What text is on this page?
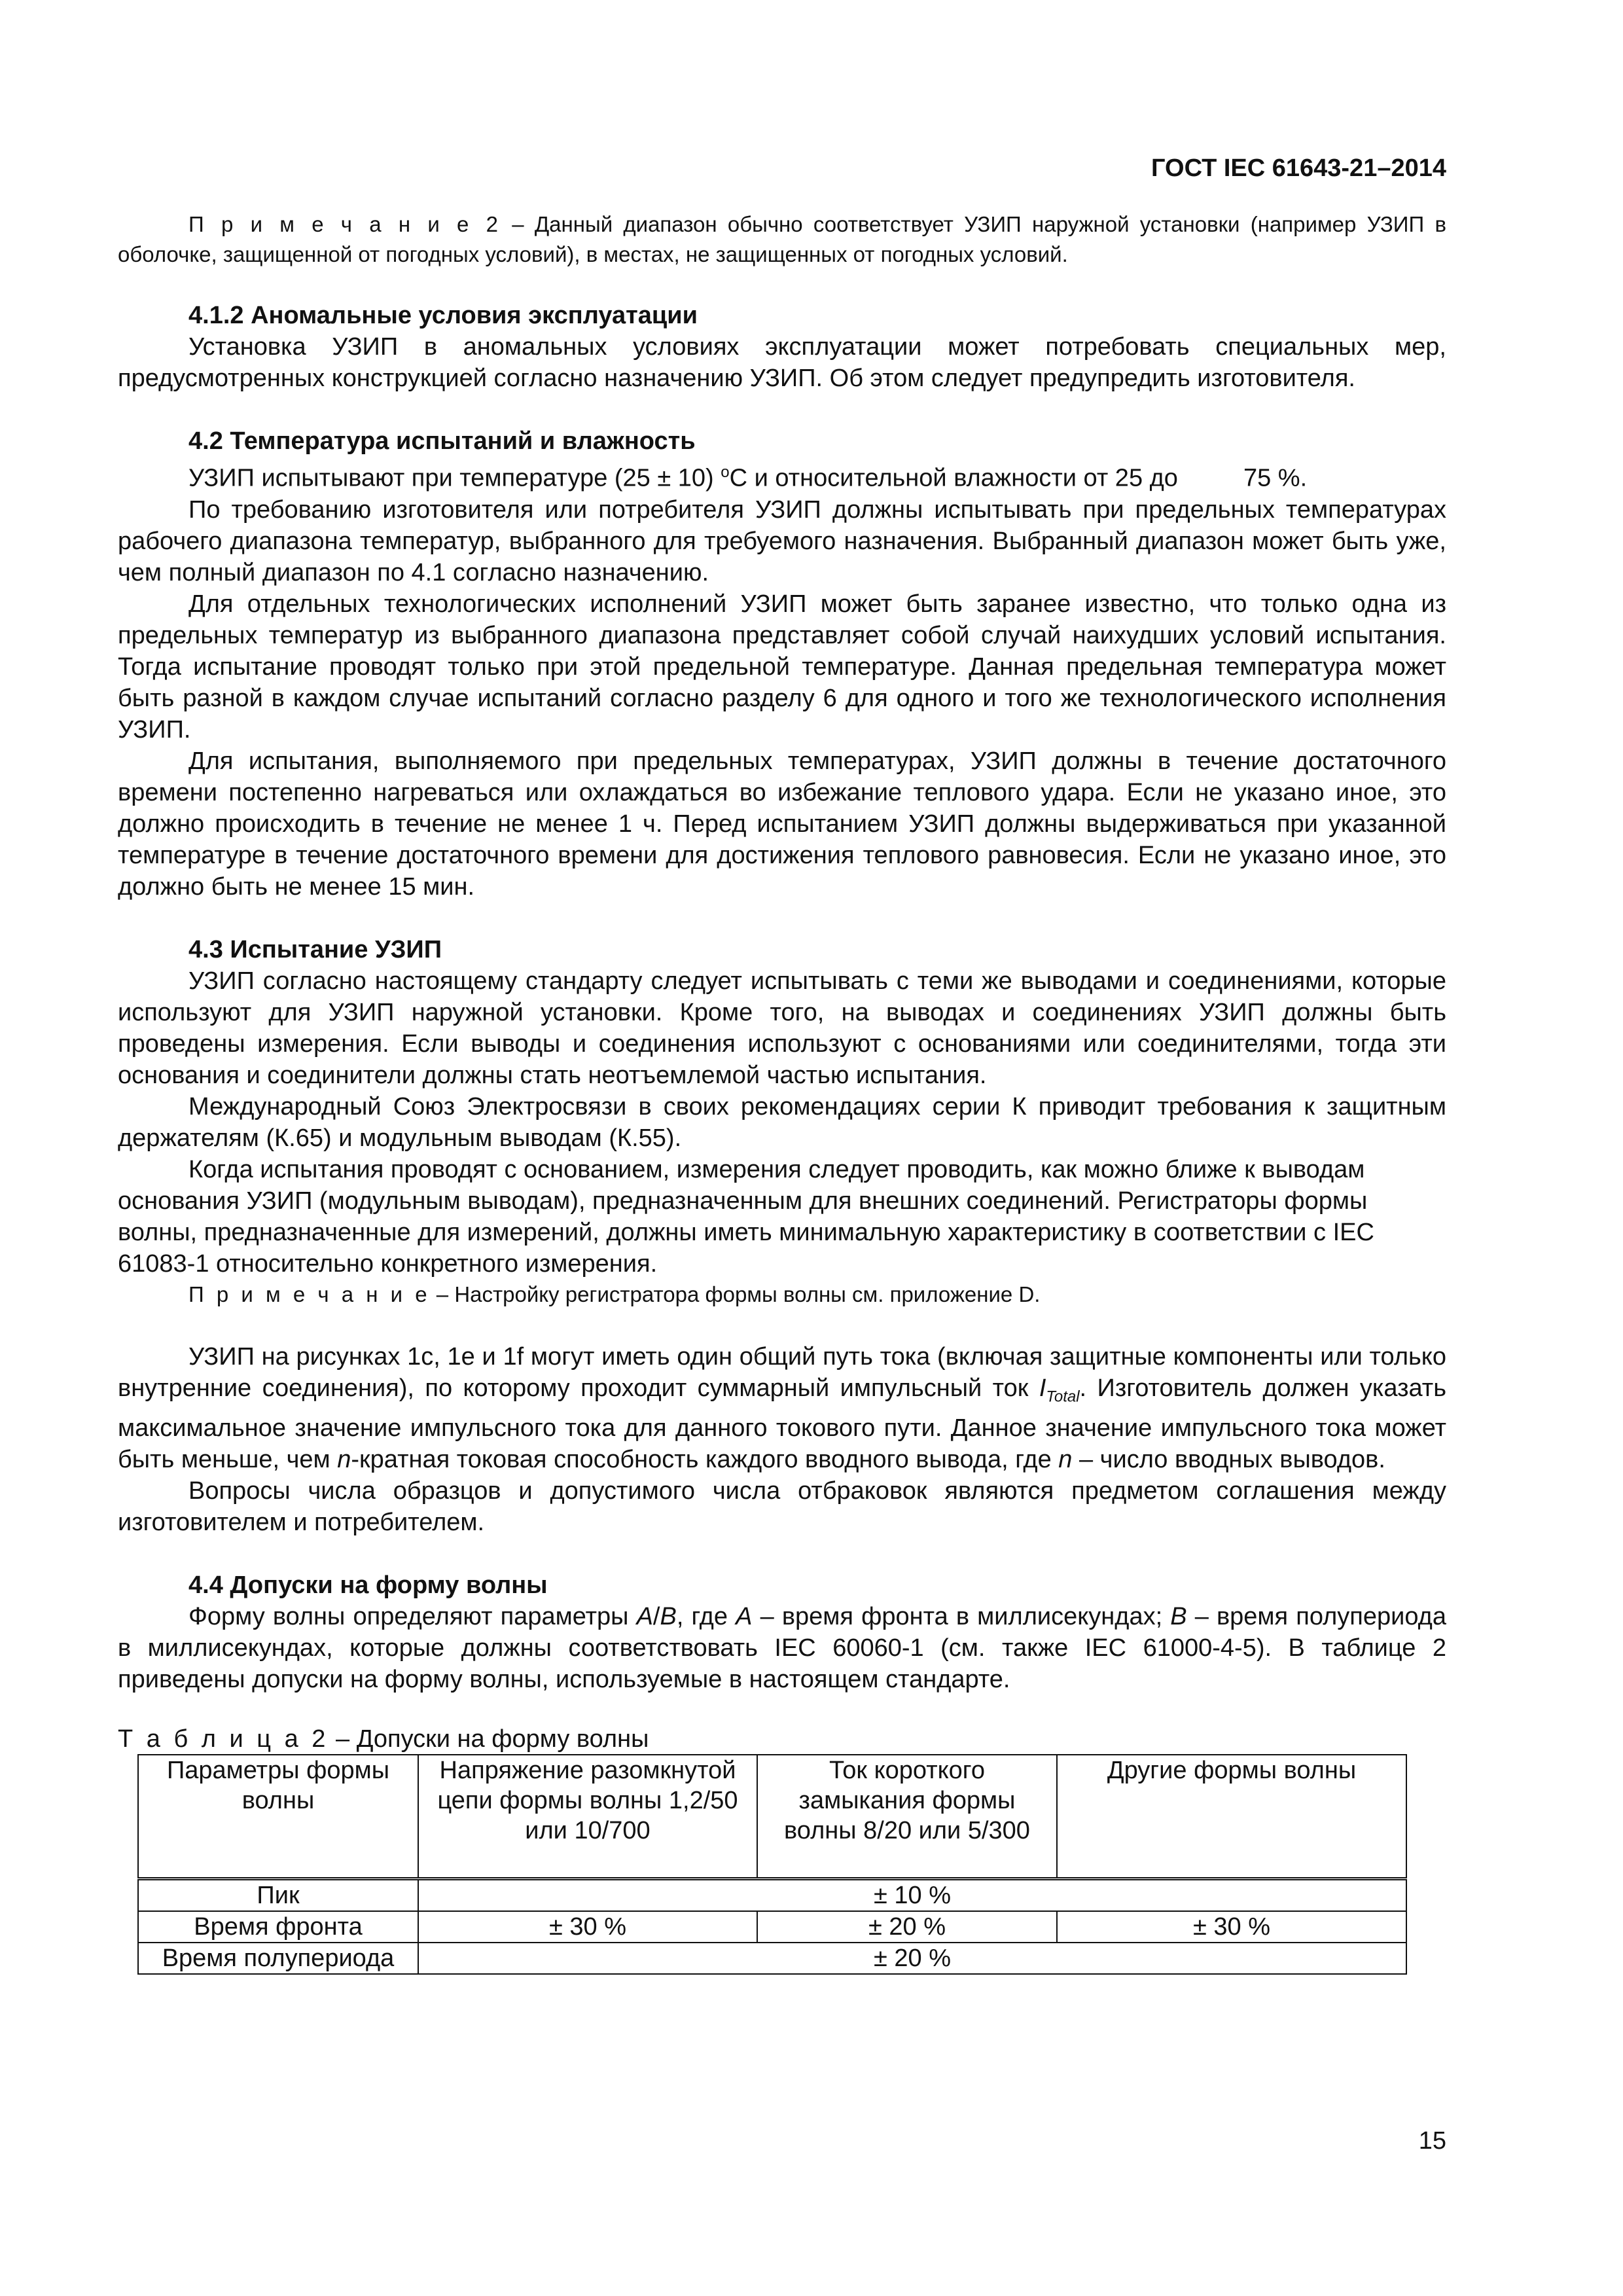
ГОСТ IEC 61643-21–2014

П р и м е ч а н и е 2 – Данный диапазон обычно соответствует УЗИП наружной установки (например УЗИП в оболочке, защищенной от погодных условий), в местах, не защищенных от погодных условий.

4.1.2 Аномальные условия эксплуатации

Установка УЗИП в аномальных условиях эксплуатации может потребовать специальных мер, предусмотренных конструкцией согласно назначению УЗИП. Об этом следует предупредить изготовителя.

4.2 Температура испытаний и влажность

УЗИП испытывают при температуре (25 ± 10) $^o$С и относительной влажности от 25 до	75 %.

По требованию изготовителя или потребителя УЗИП должны испытывать при предельных температурах рабочего диапазона температур, выбранного для требуемого назначения. Выбранный диапазон может быть уже, чем полный диапазон по 4.1 согласно назначению.

Для отдельных технологических исполнений УЗИП может быть заранее известно, что только одна из предельных температур из выбранного диапазона представляет собой случай наихудших условий испытания. Тогда испытание проводят только при этой предельной температуре. Данная предельная температура может быть разной в каждом случае испытаний согласно разделу 6 для одного и того же технологического исполнения УЗИП.

Для испытания, выполняемого при предельных температурах, УЗИП должны в течение достаточного времени постепенно нагреваться или охлаждаться во избежание теплового удара. Если не указано иное, это должно происходить в течение не менее 1 ч. Перед испытанием УЗИП должны выдерживаться при указанной температуре в течение достаточного времени для достижения теплового равновесия. Если не указано иное, это должно быть не менее 15 мин.

4.3 Испытание УЗИП

УЗИП согласно настоящему стандарту следует испытывать с теми же выводами и соединениями, которые используют для УЗИП наружной установки. Кроме того, на выводах и соединениях УЗИП должны быть проведены измерения. Если выводы и соединения используют с основаниями или соединителями, тогда эти основания и соединители должны стать неотъемлемой частью испытания.

Международный Союз Электросвязи в своих рекомендациях серии К приводит требования к защитным держателям (К.65) и модульным выводам (К.55).

Когда испытания проводят с основанием, измерения следует проводить, как можно ближе к выводам основания УЗИП (модульным выводам), предназначенным для внешних соединений. Регистраторы формы волны, предназначенные для измерений, должны иметь минимальную характеристику в соответствии с IEC 61083-1 относительно конкретного измерения.

П р и м е ч а н и е – Настройку регистратора формы волны см. приложение D.

УЗИП на рисунках 1с, 1е и 1f могут иметь один общий путь тока (включая защитные компоненты или только внутренние соединения), по которому проходит суммарный импульсный ток $I_{Total}$. Изготовитель должен указать максимальное значение импульсного тока для данного токового пути. Данное значение импульсного тока может быть меньше, чем n-кратная токовая способность каждого вводного вывода, где n – число вводных выводов.

Вопросы числа образцов и допустимого числа отбраковок являются предметом соглашения между изготовителем и потребителем.

4.4 Допуски на форму волны

Форму волны определяют параметры A/B, где A – время фронта в миллисекундах; B – время полупериода в миллисекундах, которые должны соответствовать IEC 60060-1 (см. также IEC 61000-4-5). В таблице 2 приведены допуски на форму волны, используемые в настоящем стандарте.

Т а б л и ц а 2 – Допуски на форму волны

Параметры формы волны	Напряжение разомкнутой цепи формы волны 1,2/50 или 10/700	Ток короткого замыкания формы волны 8/20 или 5/300	Другие формы волны
Пик	± 10 %		
Время фронта	± 30 %	± 20 %	± 30 %
Время полупериода	± 20 %		
15
